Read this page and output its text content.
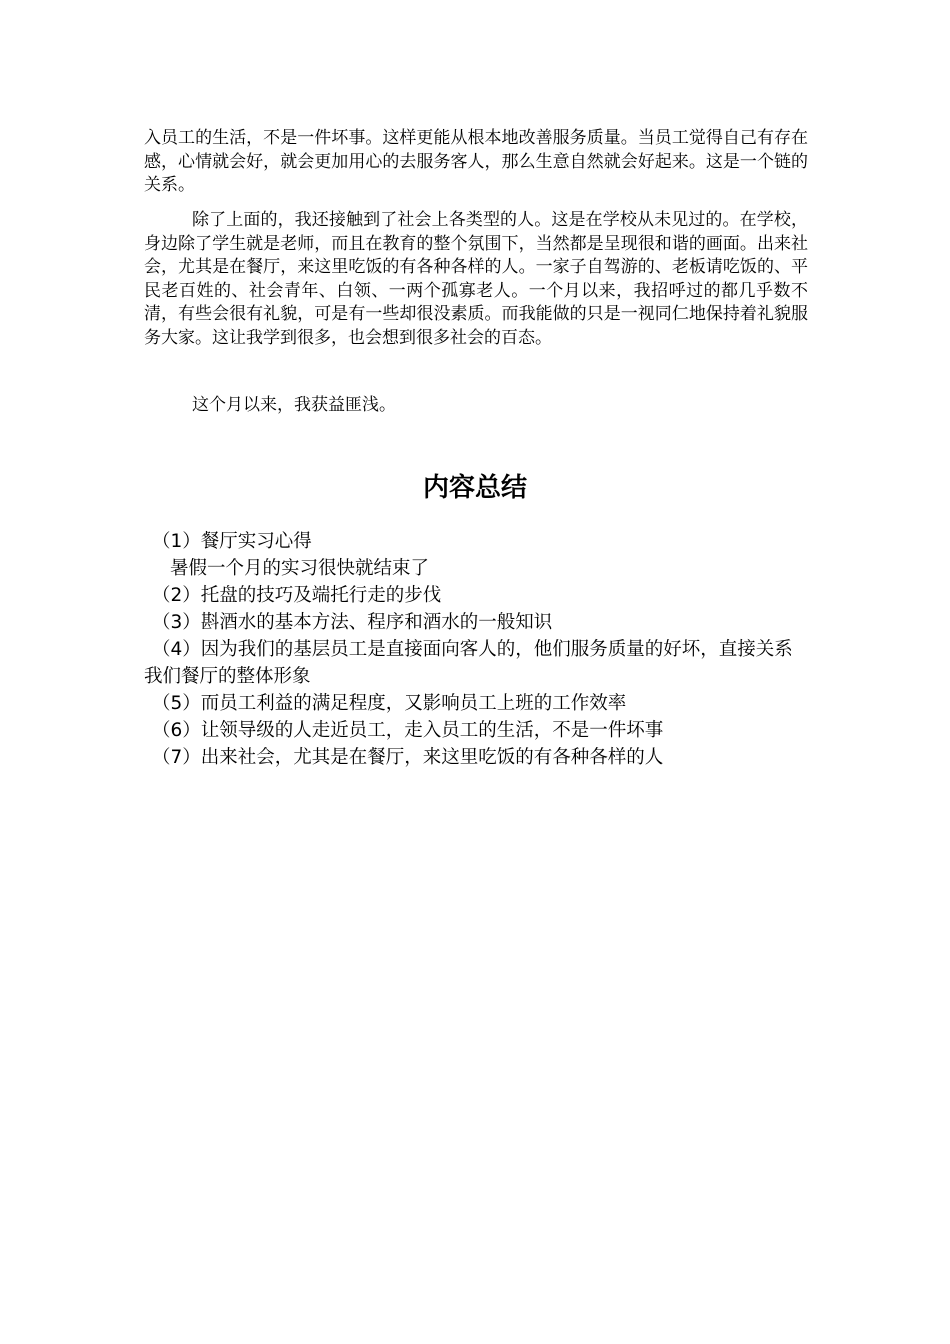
入员工的生活，不是一件坏事。这样更能从根本地改善服务质量。当员工觉得自己有存在感，心情就会好，就会更加用心的去服务客人，那么生意自然就会好起来。这是一个链的关系。
除了上面的，我还接触到了社会上各类型的人。这是在学校从未见过的。在学校，身边除了学生就是老师，而且在教育的整个氛围下，当然都是呈现很和谐的画面。出来社会，尤其是在餐厅，来这里吃饭的有各种各样的人。一家子自驾游的、老板请吃饭的、平民老百姓的、社会青年、白领、一两个孤寡老人。一个月以来，我招呼过的都几乎数不清，有些会很有礼貌，可是有一些却很没素质。而我能做的只是一视同仁地保持着礼貌服务大家。这让我学到很多，也会想到很多社会的百态。
这个月以来，我获益匪浅。
内容总结
（1）餐厅实习心得
暑假一个月的实习很快就结束了
（2）托盘的技巧及端托行走的步伐
（3）斟酒水的基本方法、程序和酒水的一般知识
（4）因为我们的基层员工是直接面向客人的，他们服务质量的好坏，直接关系我们餐厅的整体形象
（5）而员工利益的满足程度，又影响员工上班的工作效率
（6）让领导级的人走近员工，走入员工的生活，不是一件坏事
（7）出来社会，尤其是在餐厅，来这里吃饭的有各种各样的人
